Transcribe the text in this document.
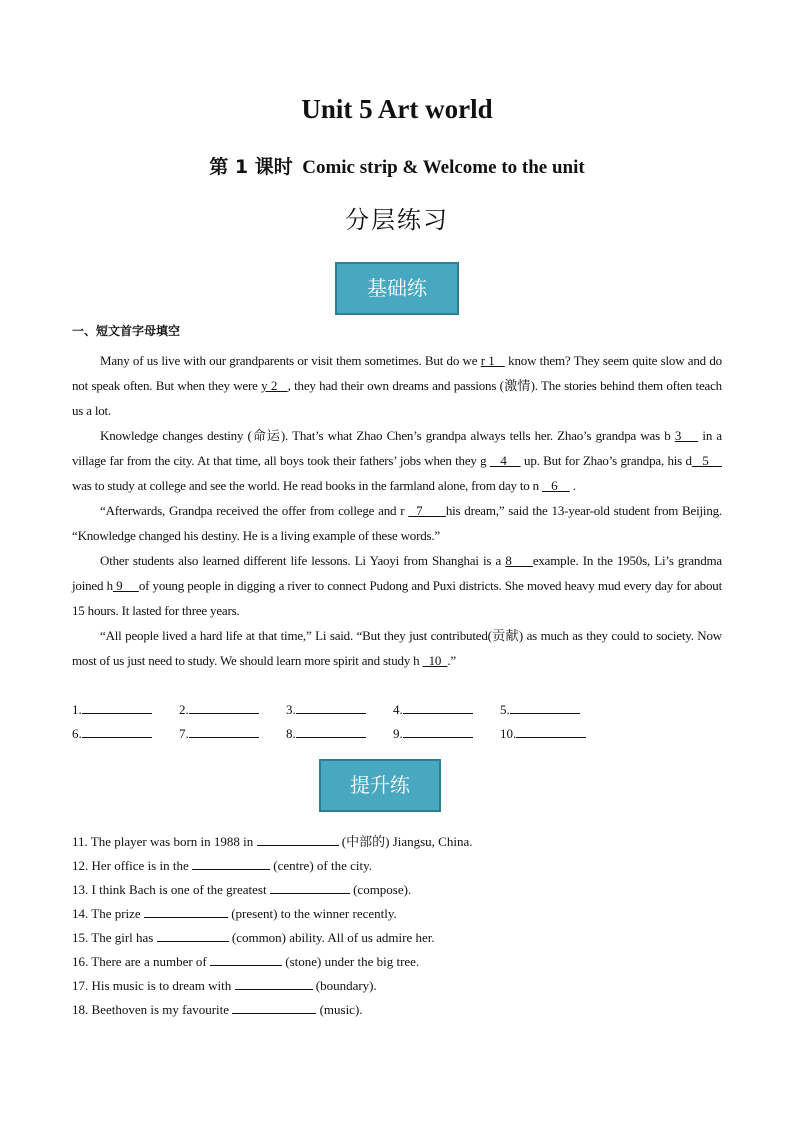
Unit 5 Art world
第 1 课时 Comic strip & Welcome to the unit
分层练习
基础练
一、短文首字母填空

Many of us live with our grandparents or visit them sometimes. But do we r 1    know them? They seem quite slow and do not speak often. But when they were y 2   , they had their own dreams and passions (激情). The stories behind them often teach us a lot.

Knowledge changes destiny (命运). That’s what Zhao Chen’s grandpa always tells her. Zhao’s grandpa was b 3     in a village far from the city. At that time, all boys took their fathers’ jobs when they g    4     up. But for Zhao’s grandpa, his d   5     was to study at college and see the world. He read books in the farmland alone, from day to n    6     .

“Afterwards, Grandpa received the offer from college and r   7      his dream,” said the 13-year-old student from Beijing. “Knowledge changed his destiny. He is a living example of these words.”

Other students also learned different life lessons. Li Yaoyi from Shanghai is a 8     example. In the 1950s, Li’s grandma joined h 9     of young people in digging a river to connect Pudong and Puxi districts. She moved heavy mud every day for about 15 hours. It lasted for three years.

“All people lived a hard life at that time,” Li said. “But they just contributed(贡献) as much as they could to society. Now most of us just need to study. We should learn more spirit and study h   10  .”

1.	2.	3.	4.	5.
6.	7.	8.	9.	10.
提升练
11. The player was born in 1988 in	(中部的) Jiangsu, China.
12. Her office is in the	(centre) of the city.
13. I think Bach is one of the greatest	(compose).
14. The prize	(present) to the winner recently.
15. The girl has	(common) ability. All of us admire her.
16. There are a number of	(stone) under the big tree.
17. His music is to dream with	(boundary).
18. Beethoven is my favourite	(music).
